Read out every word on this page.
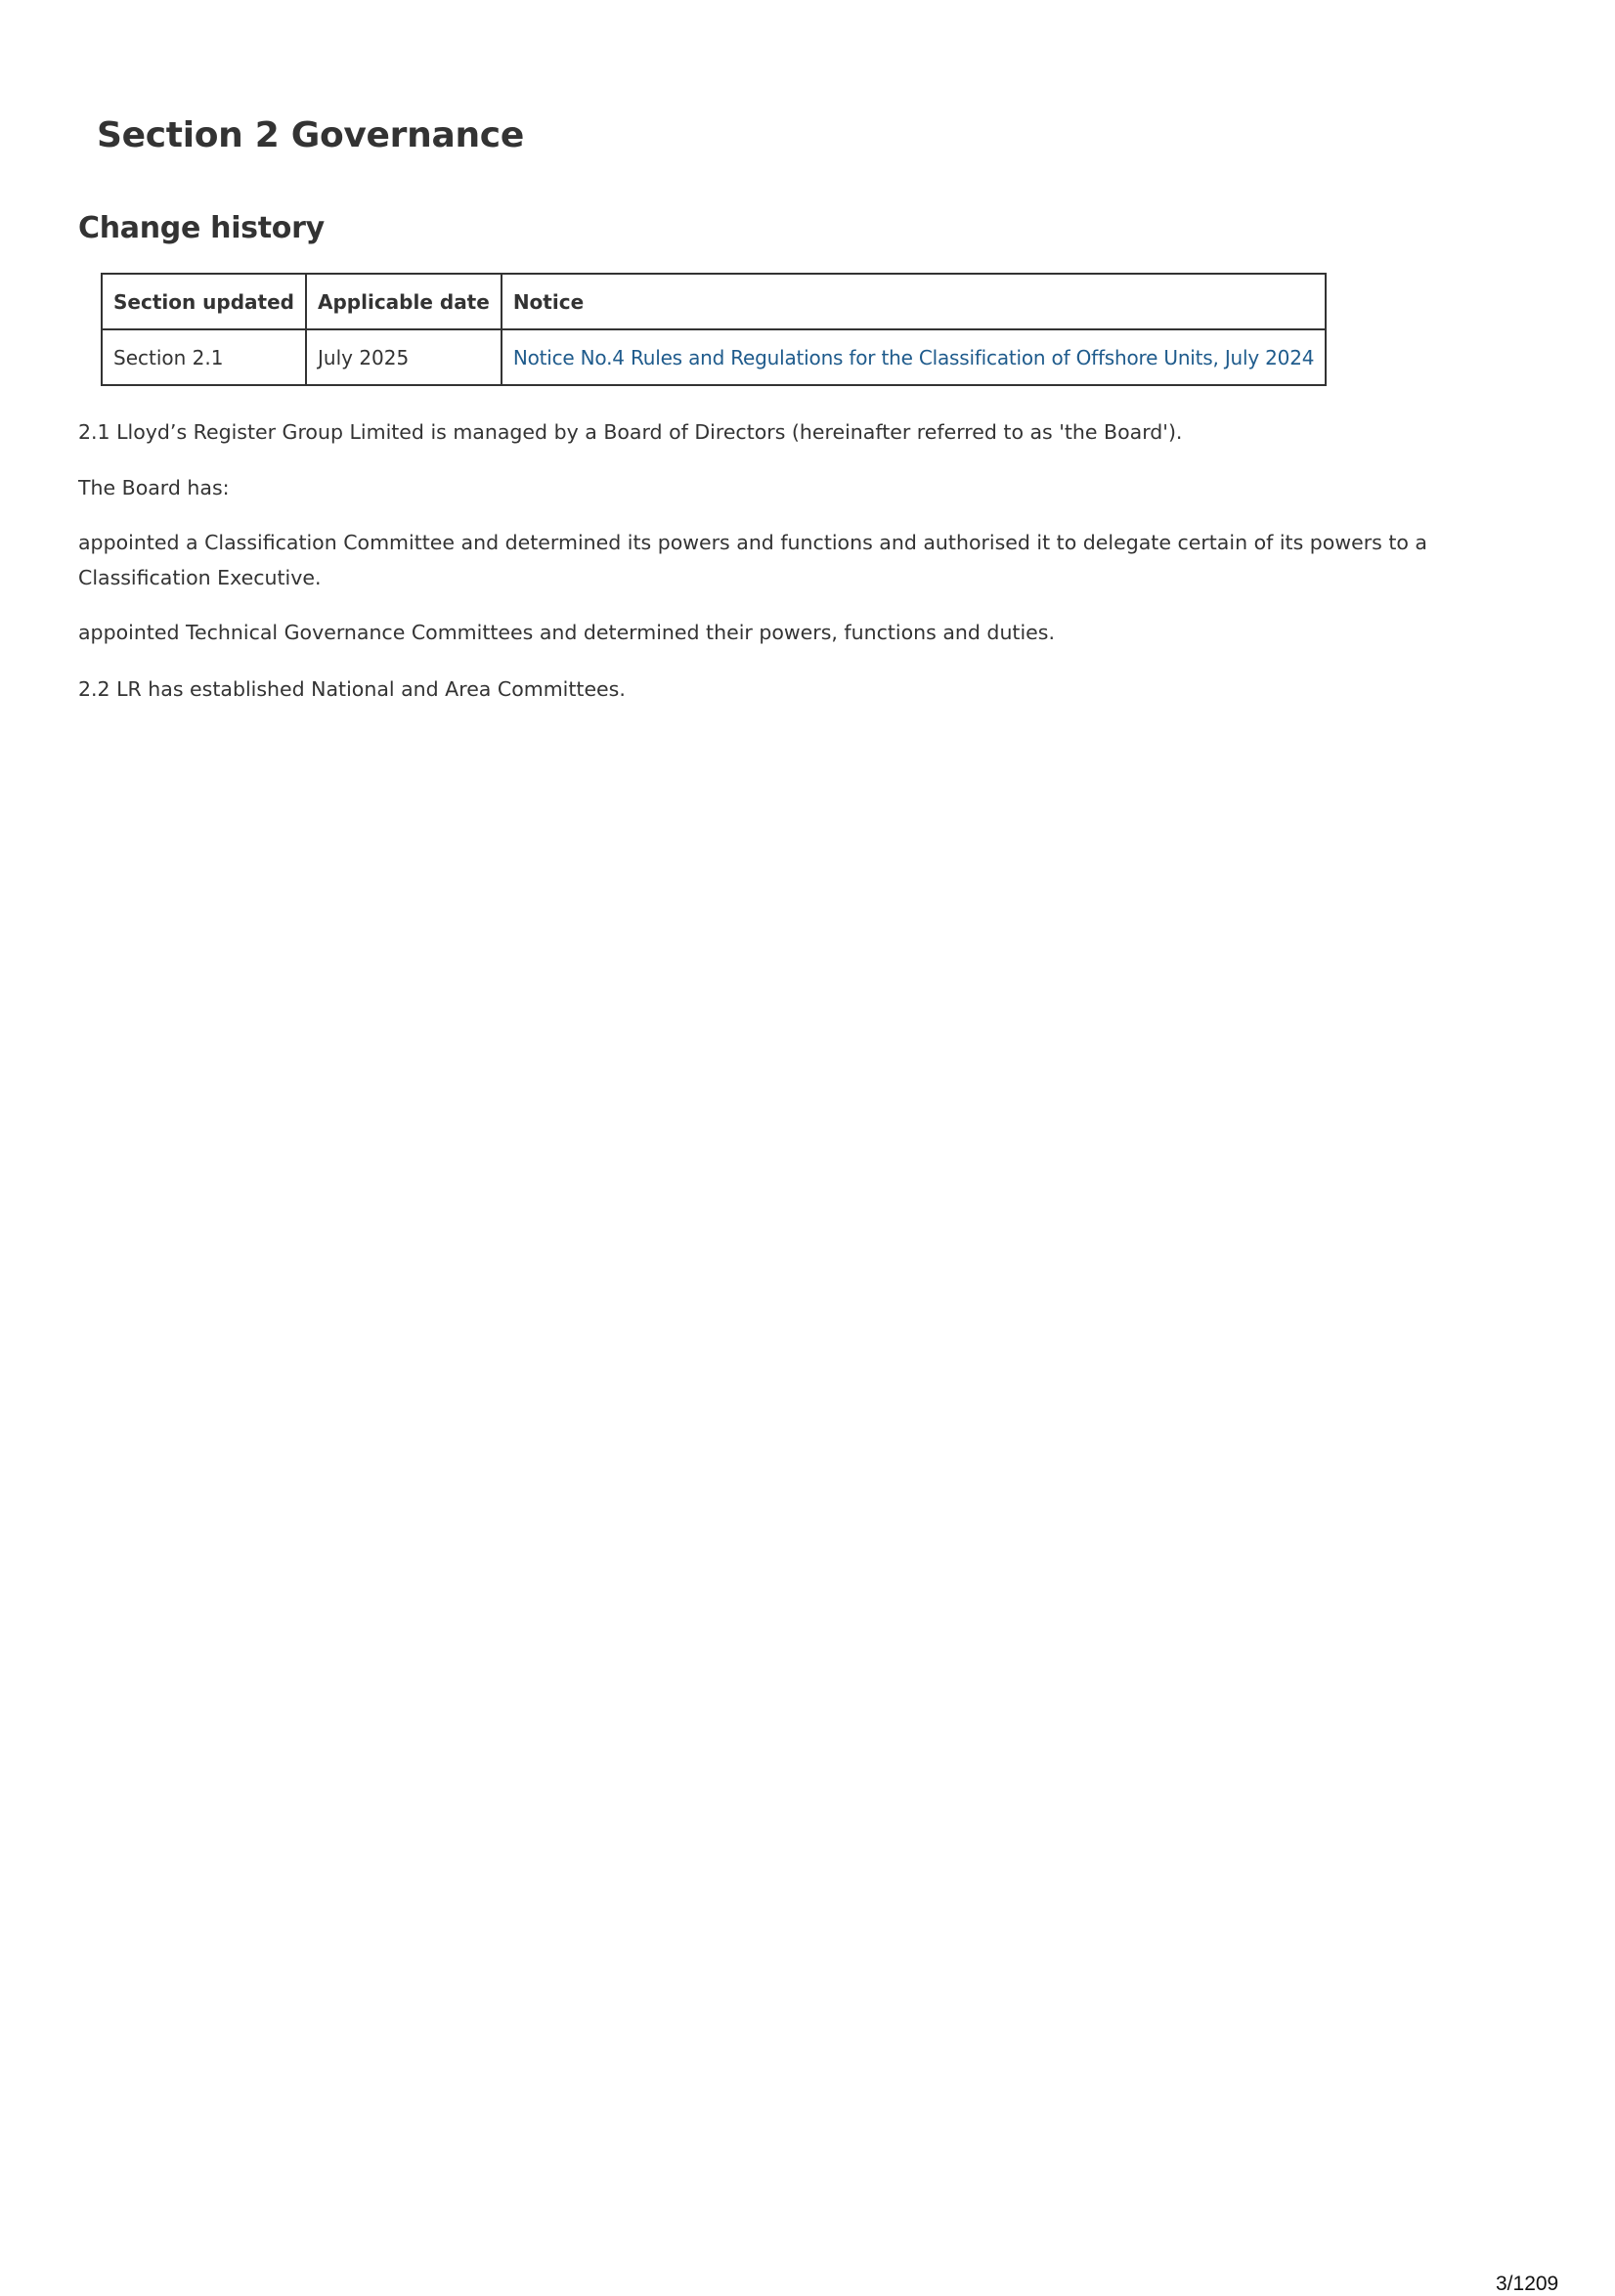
Section 2 Governance
Change history
Section updated	Applicable date	Notice
Section 2.1	July 2025	Notice No.4 Rules and Regulations for the Classification of Offshore Units, July 2024

2.1 Lloyd’s Register Group Limited is managed by a Board of Directors (hereinafter referred to as 'the Board').

The Board has:

appointed a Classification Committee and determined its powers and functions and authorised it to delegate certain of its powers to a Classification Executive.

appointed Technical Governance Committees and determined their powers, functions and duties.

2.2 LR has established National and Area Committees.

3/1209
